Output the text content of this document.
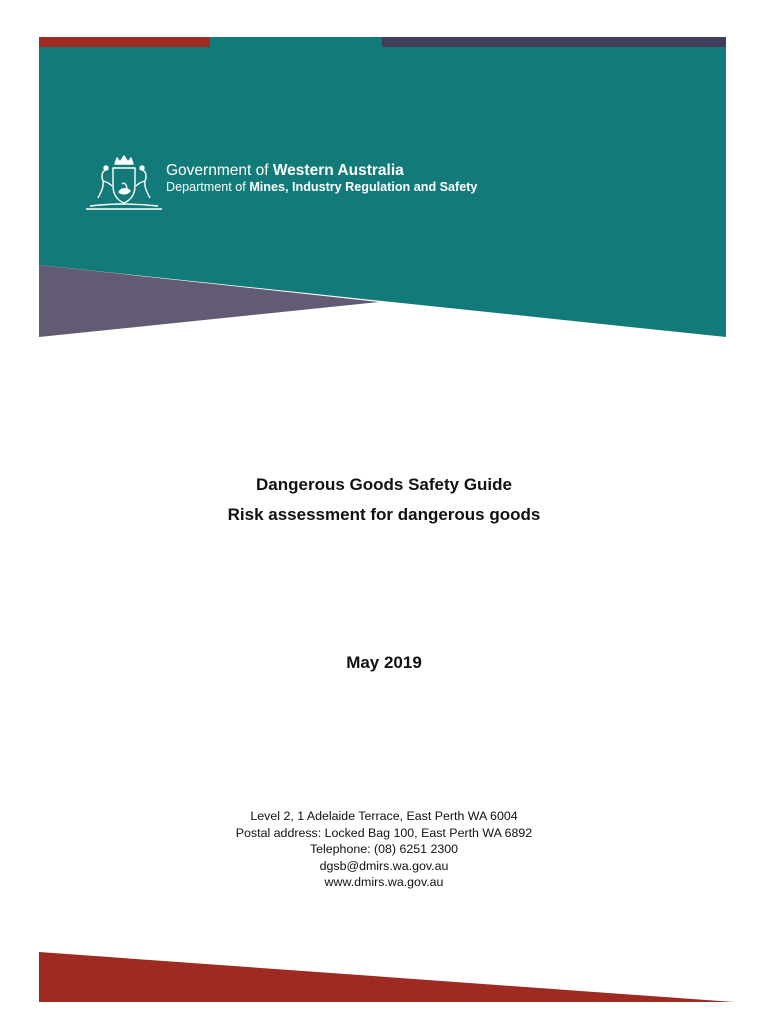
Government of Western Australia

Department of Mines, Industry Regulation and Safety

Dangerous Goods Safety Guide

Risk assessment for dangerous goods

May 2019

Level 2, 1 Adelaide Terrace, East Perth WA 6004

Postal address: Locked Bag 100, East Perth WA 6892

Telephone: (08) 6251 2300

dgsb@dmirs.wa.gov.au

www.dmirs.wa.gov.au
